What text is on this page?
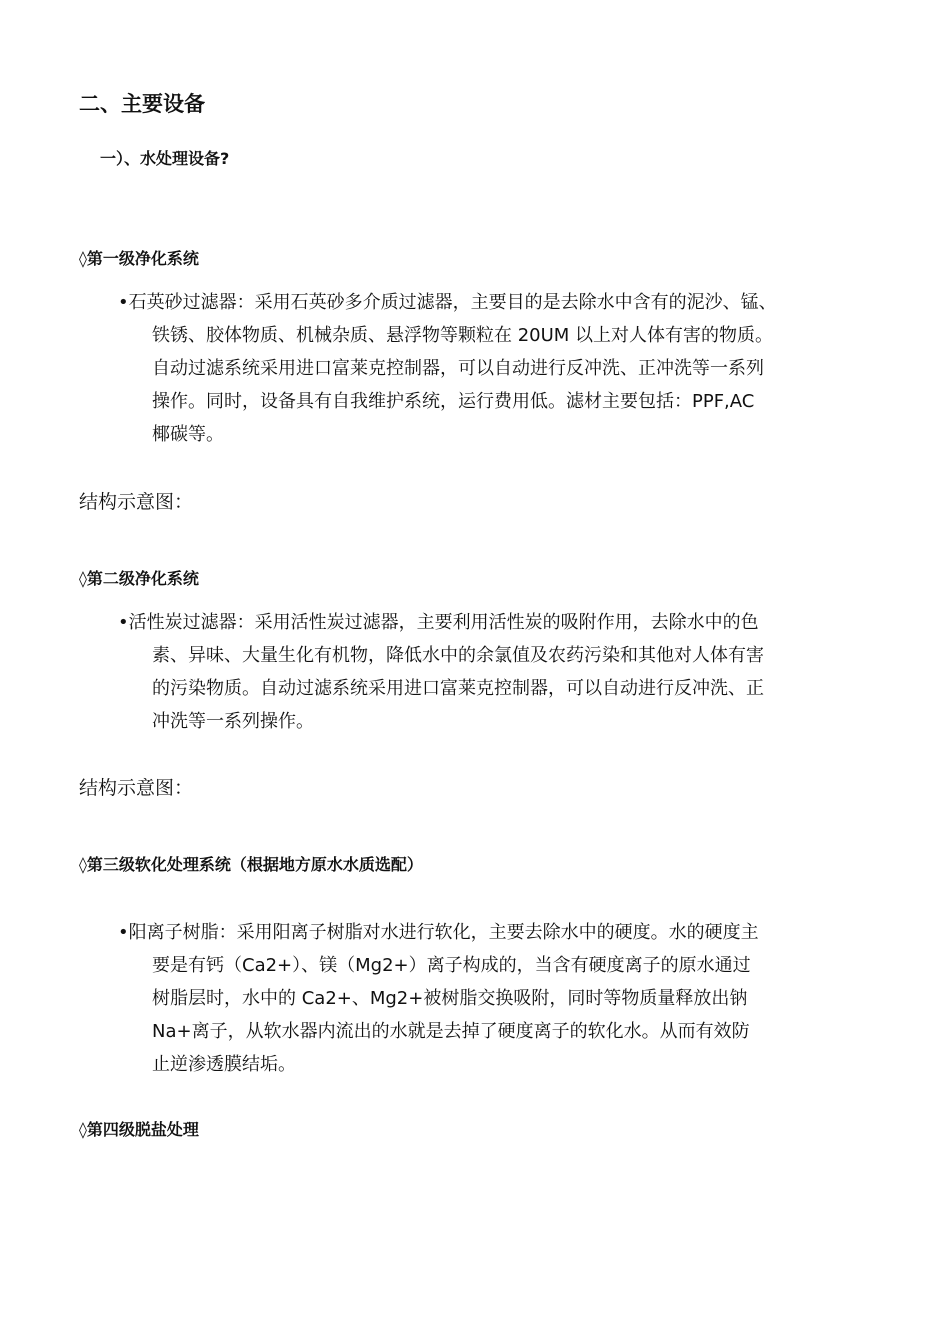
二、主要设备
一）、水处理设备?
◊第一级净化系统
•石英砂过滤器：采用石英砂多介质过滤器，主要目的是去除水中含有的泥沙、锰、
铁锈、胶体物质、机械杂质、悬浮物等颗粒在 20UM 以上对人体有害的物质。
自动过滤系统采用进口富莱克控制器，可以自动进行反冲洗、正冲洗等一系列
操作。同时，设备具有自我维护系统，运行费用低。滤材主要包括：PPF,AC
椰碳等。
结构示意图：
◊第二级净化系统
•活性炭过滤器：采用活性炭过滤器，主要利用活性炭的吸附作用，去除水中的色
素、异味、大量生化有机物，降低水中的余氯值及农药污染和其他对人体有害
的污染物质。自动过滤系统采用进口富莱克控制器，可以自动进行反冲洗、正
冲洗等一系列操作。
结构示意图：
◊第三级软化处理系统（根据地方原水水质选配）
•阳离子树脂：采用阳离子树脂对水进行软化，主要去除水中的硬度。水的硬度主
要是有钙（Ca2+）、镁（Mg2+）离子构成的，当含有硬度离子的原水通过
树脂层时，水中的 Ca2+、Mg2+被树脂交换吸附，同时等物质量释放出钠
Na+离子，从软水器内流出的水就是去掉了硬度离子的软化水。从而有效防
止逆渗透膜结垢。
◊第四级脱盐处理
